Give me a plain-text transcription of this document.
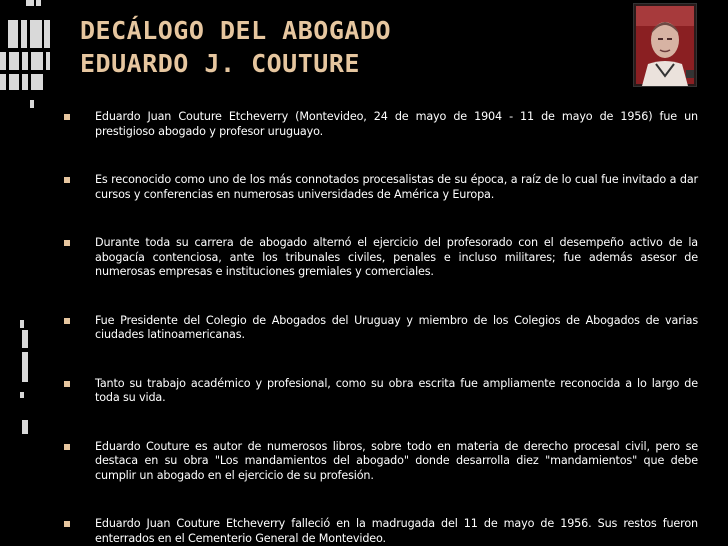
DECÁLOGO DEL ABOGADO
EDUARDO J. COUTURE
Eduardo Juan Couture Etcheverry (Montevideo, 24 de mayo de 1904 - 11 de mayo de 1956) fue un prestigioso abogado y profesor uruguayo.
Es reconocido como uno de los más connotados procesalistas de su época, a raíz de lo cual fue invitado a dar cursos y conferencias en numerosas universidades de América y Europa.
Durante toda su carrera de abogado alternó el ejercicio del profesorado con el desempeño activo de la abogacía contenciosa, ante los tribunales civiles, penales e incluso militares; fue además asesor de numerosas empresas e instituciones gremiales y comerciales.
Fue Presidente del Colegio de Abogados del Uruguay y miembro de los Colegios de Abogados de varias ciudades latinoamericanas.
Tanto su trabajo académico y profesional, como su obra escrita fue ampliamente reconocida a lo largo de toda su vida.
Eduardo Couture es autor de numerosos libros, sobre todo en materia de derecho procesal civil, pero se destaca en su obra "Los mandamientos del abogado" donde desarrolla diez "mandamientos" que debe cumplir un abogado en el ejercicio de su profesión.
Eduardo Juan Couture Etcheverry falleció en la madrugada del 11 de mayo de 1956. Sus restos fueron enterrados en el Cementerio General de Montevideo.
